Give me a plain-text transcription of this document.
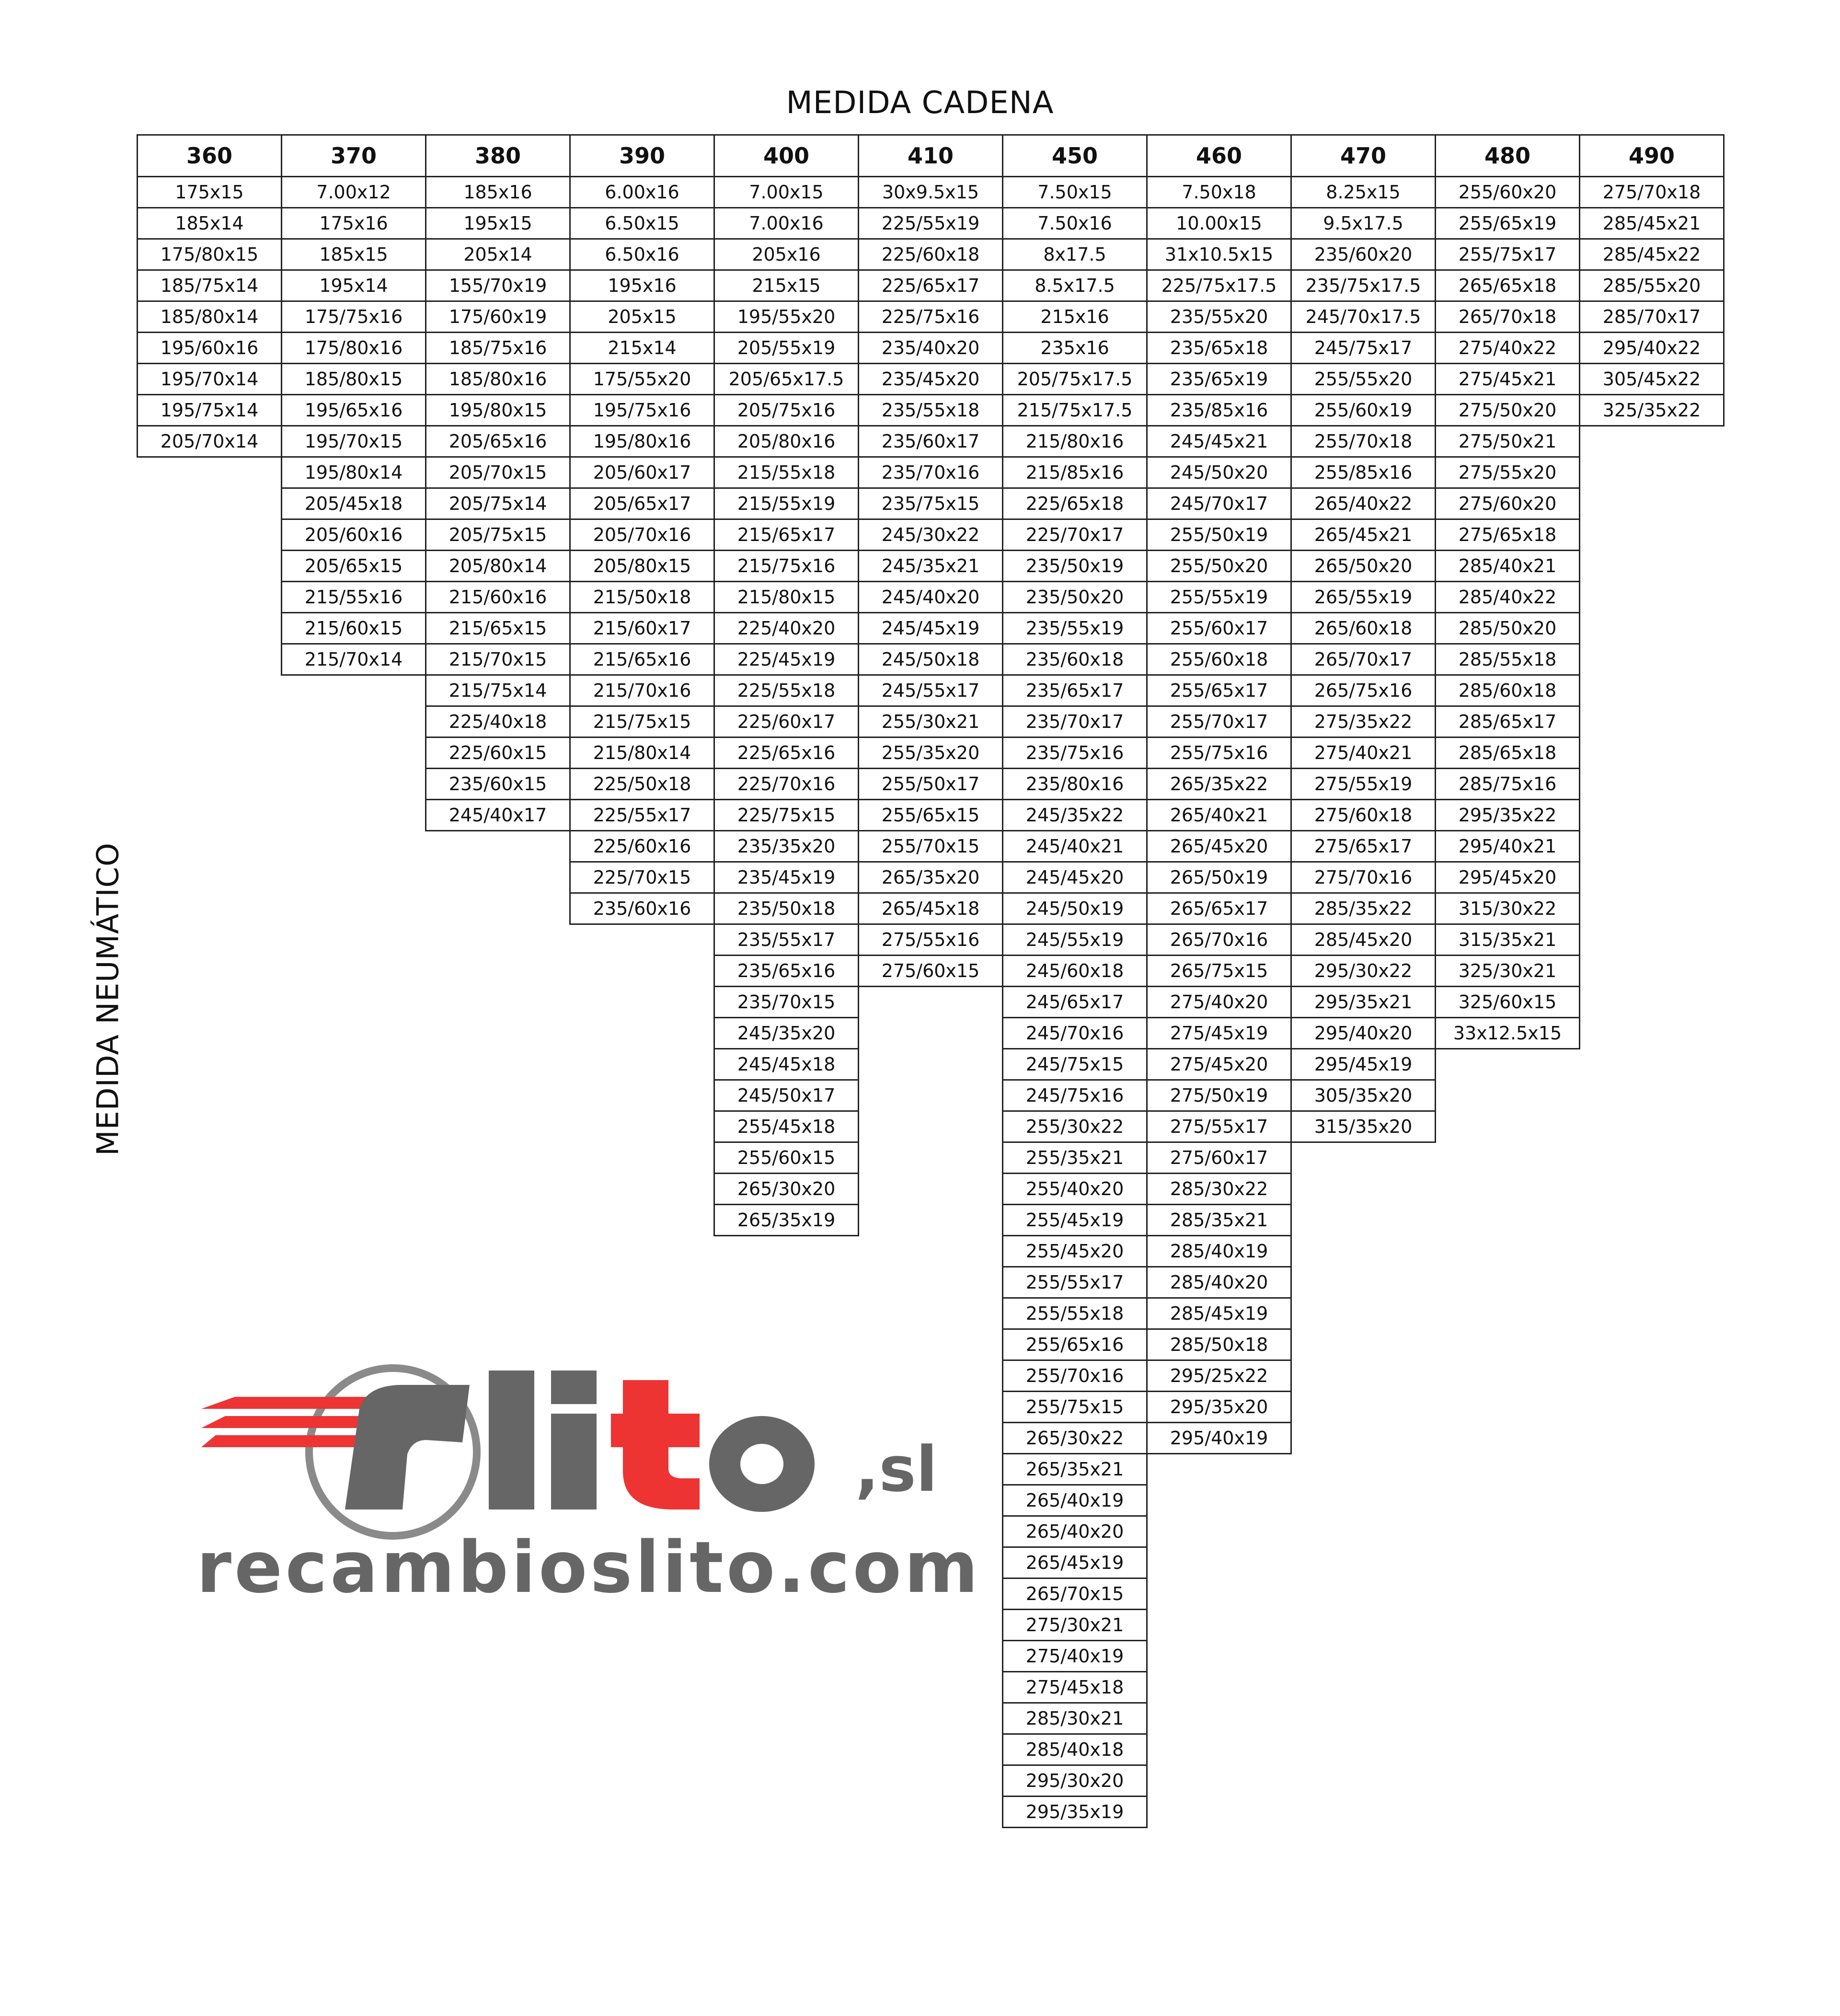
MEDIDA CADENA
MEDIDA NEUMÁTICO
360
175x15
185x14
175/80x15
185/75x14
185/80x14
195/60x16
195/70x14
195/75x14
205/70x14
370
7.00x12
175x16
185x15
195x14
175/75x16
175/80x16
185/80x15
195/65x16
195/70x15
195/80x14
205/45x18
205/60x16
205/65x15
215/55x16
215/60x15
215/70x14
380
185x16
195x15
205x14
155/70x19
175/60x19
185/75x16
185/80x16
195/80x15
205/65x16
205/70x15
205/75x14
205/75x15
205/80x14
215/60x16
215/65x15
215/70x15
215/75x14
225/40x18
225/60x15
235/60x15
245/40x17
390
6.00x16
6.50x15
6.50x16
195x16
205x15
215x14
175/55x20
195/75x16
195/80x16
205/60x17
205/65x17
205/70x16
205/80x15
215/50x18
215/60x17
215/65x16
215/70x16
215/75x15
215/80x14
225/50x18
225/55x17
225/60x16
225/70x15
235/60x16
400
7.00x15
7.00x16
205x16
215x15
195/55x20
205/55x19
205/65x17.5
205/75x16
205/80x16
215/55x18
215/55x19
215/65x17
215/75x16
215/80x15
225/40x20
225/45x19
225/55x18
225/60x17
225/65x16
225/70x16
225/75x15
235/35x20
235/45x19
235/50x18
235/55x17
235/65x16
235/70x15
245/35x20
245/45x18
245/50x17
255/45x18
255/60x15
265/30x20
265/35x19
410
30x9.5x15
225/55x19
225/60x18
225/65x17
225/75x16
235/40x20
235/45x20
235/55x18
235/60x17
235/70x16
235/75x15
245/30x22
245/35x21
245/40x20
245/45x19
245/50x18
245/55x17
255/30x21
255/35x20
255/50x17
255/65x15
255/70x15
265/35x20
265/45x18
275/55x16
275/60x15
450
7.50x15
7.50x16
8x17.5
8.5x17.5
215x16
235x16
205/75x17.5
215/75x17.5
215/80x16
215/85x16
225/65x18
225/70x17
235/50x19
235/50x20
235/55x19
235/60x18
235/65x17
235/70x17
235/75x16
235/80x16
245/35x22
245/40x21
245/45x20
245/50x19
245/55x19
245/60x18
245/65x17
245/70x16
245/75x15
245/75x16
255/30x22
255/35x21
255/40x20
255/45x19
255/45x20
255/55x17
255/55x18
255/65x16
255/70x16
255/75x15
265/30x22
265/35x21
265/40x19
265/40x20
265/45x19
265/70x15
275/30x21
275/40x19
275/45x18
285/30x21
285/40x18
295/30x20
295/35x19
460
7.50x18
10.00x15
31x10.5x15
225/75x17.5
235/55x20
235/65x18
235/65x19
235/85x16
245/45x21
245/50x20
245/70x17
255/50x19
255/50x20
255/55x19
255/60x17
255/60x18
255/65x17
255/70x17
255/75x16
265/35x22
265/40x21
265/45x20
265/50x19
265/65x17
265/70x16
265/75x15
275/40x20
275/45x19
275/45x20
275/50x19
275/55x17
275/60x17
285/30x22
285/35x21
285/40x19
285/40x20
285/45x19
285/50x18
295/25x22
295/35x20
295/40x19
470
8.25x15
9.5x17.5
235/60x20
235/75x17.5
245/70x17.5
245/75x17
255/55x20
255/60x19
255/70x18
255/85x16
265/40x22
265/45x21
265/50x20
265/55x19
265/60x18
265/70x17
265/75x16
275/35x22
275/40x21
275/55x19
275/60x18
275/65x17
275/70x16
285/35x22
285/45x20
295/30x22
295/35x21
295/40x20
295/45x19
305/35x20
315/35x20
480
255/60x20
255/65x19
255/75x17
265/65x18
265/70x18
275/40x22
275/45x21
275/50x20
275/50x21
275/55x20
275/60x20
275/65x18
285/40x21
285/40x22
285/50x20
285/55x18
285/60x18
285/65x17
285/65x18
285/75x16
295/35x22
295/40x21
295/45x20
315/30x22
315/35x21
325/30x21
325/60x15
33x12.5x15
490
275/70x18
285/45x21
285/45x22
285/55x20
285/70x17
295/40x22
305/45x22
325/35x22
,sl
recambioslito.com
